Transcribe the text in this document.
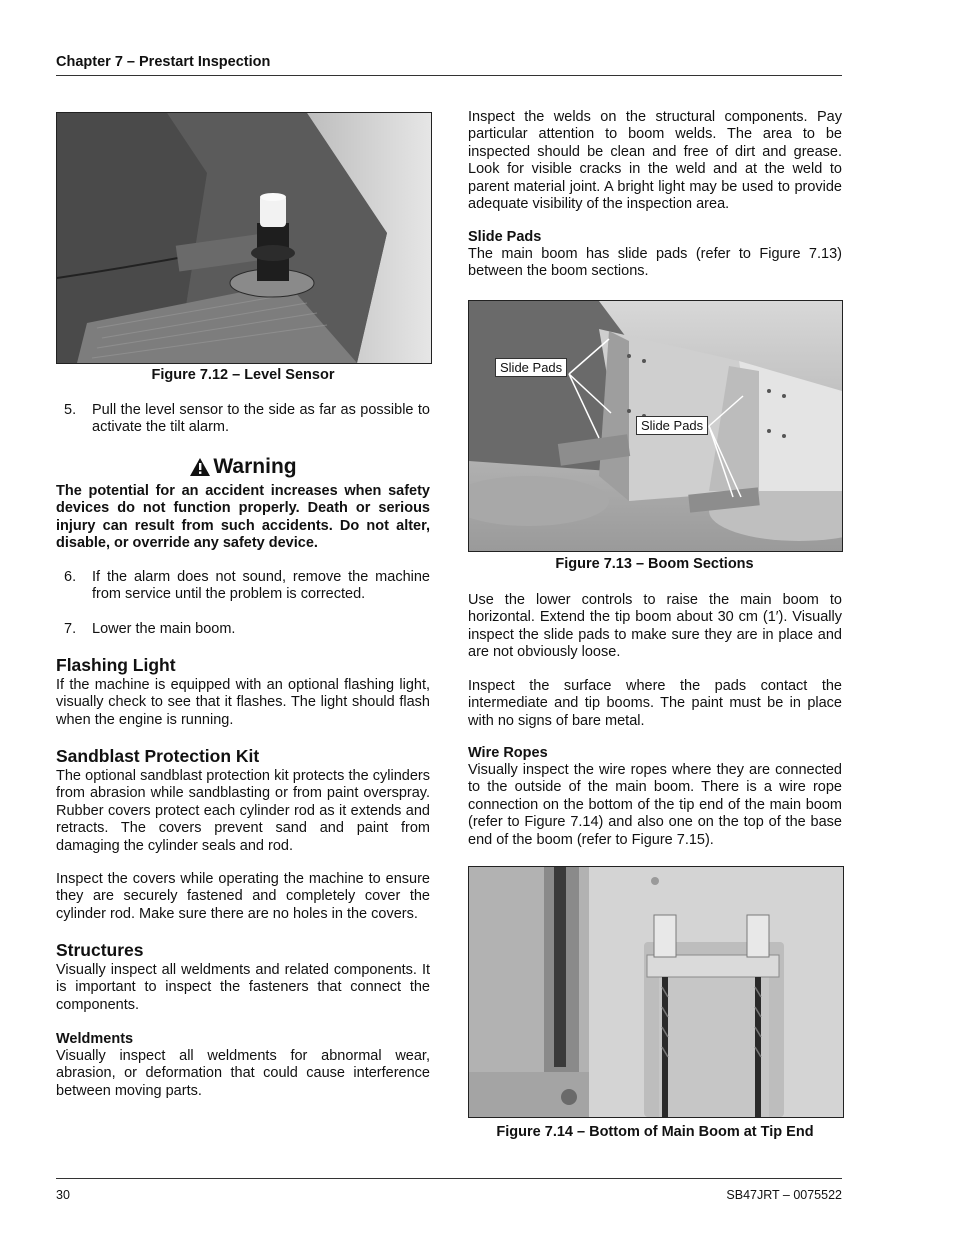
Chapter 7 – Prestart Inspection
Figure 7.12 – Level Sensor
5. Pull the level sensor to the side as far as possible to activate the tilt alarm.
Warning
The potential for an accident increases when safety devices do not function properly. Death or serious injury can result from such accidents. Do not alter, disable, or override any safety device.
6. If the alarm does not sound, remove the machine from service until the problem is corrected.
7. Lower the main boom.
Flashing Light
If the machine is equipped with an optional flashing light, visually check to see that it flashes. The light should flash when the engine is running.
Sandblast Protection Kit
The optional sandblast protection kit protects the cylinders from abrasion while sandblasting or from paint overspray. Rubber covers protect each cylinder rod as it extends and retracts. The covers prevent sand and paint from damaging the cylinder seals and rod.
Inspect the covers while operating the machine to ensure they are securely fastened and completely cover the cylinder rod. Make sure there are no holes in the covers.
Structures
Visually inspect all weldments and related components. It is important to inspect the fasteners that connect the components.
Weldments
Visually inspect all weldments for abnormal wear, abrasion, or deformation that could cause interference between moving parts.
Inspect the welds on the structural components. Pay particular attention to boom welds. The area to be inspected should be clean and free of dirt and grease. Look for visible cracks in the weld and at the weld to parent material joint. A bright light may be used to provide adequate visibility of the inspection area.
Slide Pads
The main boom has slide pads (refer to Figure 7.13) between the boom sections.
Slide Pads
Slide Pads
Figure 7.13 – Boom Sections
Use the lower controls to raise the main boom to horizontal. Extend the tip boom about 30 cm (1′). Visually inspect the slide pads to make sure they are in place and are not obviously loose.
Inspect the surface where the pads contact the intermediate and tip booms. The paint must be in place with no signs of bare metal.
Wire Ropes
Visually inspect the wire ropes where they are connected to the outside of the main boom. There is a wire rope connection on the bottom of the tip end of the main boom (refer to Figure 7.14) and also one on the top of the base end of the boom (refer to Figure 7.15).
Figure 7.14 – Bottom of Main Boom at Tip End
30	SB47JRT – 0075522
